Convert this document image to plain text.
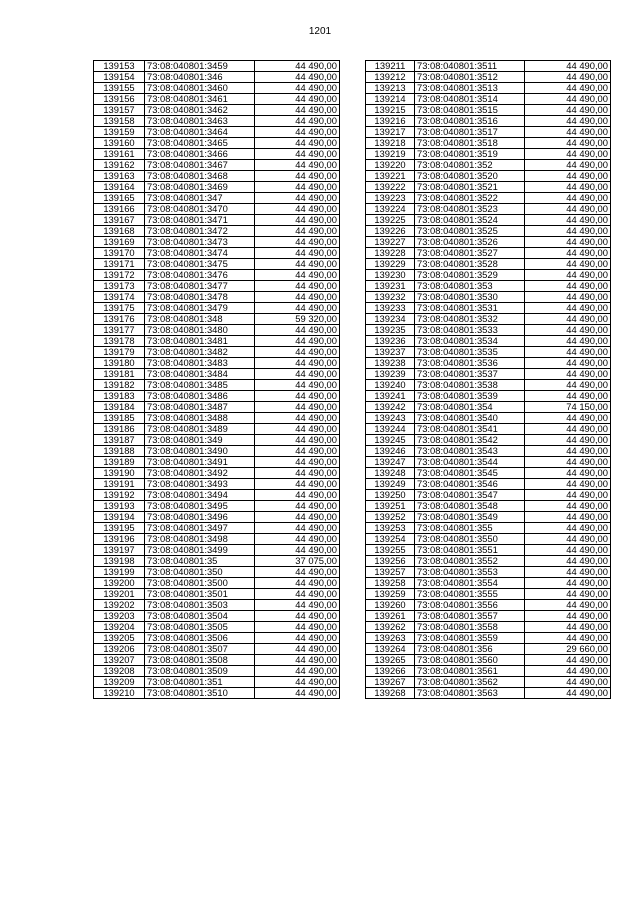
1201
139153	73:08:040801:3459	44 490,00
139154	73:08:040801:346	44 490,00
139155	73:08:040801:3460	44 490,00
139156	73:08:040801:3461	44 490,00
139157	73:08:040801:3462	44 490,00
139158	73:08:040801:3463	44 490,00
139159	73:08:040801:3464	44 490,00
139160	73:08:040801:3465	44 490,00
139161	73:08:040801:3466	44 490,00
139162	73:08:040801:3467	44 490,00
139163	73:08:040801:3468	44 490,00
139164	73:08:040801:3469	44 490,00
139165	73:08:040801:347	44 490,00
139166	73:08:040801:3470	44 490,00
139167	73:08:040801:3471	44 490,00
139168	73:08:040801:3472	44 490,00
139169	73:08:040801:3473	44 490,00
139170	73:08:040801:3474	44 490,00
139171	73:08:040801:3475	44 490,00
139172	73:08:040801:3476	44 490,00
139173	73:08:040801:3477	44 490,00
139174	73:08:040801:3478	44 490,00
139175	73:08:040801:3479	44 490,00
139176	73:08:040801:348	59 320,00
139177	73:08:040801:3480	44 490,00
139178	73:08:040801:3481	44 490,00
139179	73:08:040801:3482	44 490,00
139180	73:08:040801:3483	44 490,00
139181	73:08:040801:3484	44 490,00
139182	73:08:040801:3485	44 490,00
139183	73:08:040801:3486	44 490,00
139184	73:08:040801:3487	44 490,00
139185	73:08:040801:3488	44 490,00
139186	73:08:040801:3489	44 490,00
139187	73:08:040801:349	44 490,00
139188	73:08:040801:3490	44 490,00
139189	73:08:040801:3491	44 490,00
139190	73:08:040801:3492	44 490,00
139191	73:08:040801:3493	44 490,00
139192	73:08:040801:3494	44 490,00
139193	73:08:040801:3495	44 490,00
139194	73:08:040801:3496	44 490,00
139195	73:08:040801:3497	44 490,00
139196	73:08:040801:3498	44 490,00
139197	73:08:040801:3499	44 490,00
139198	73:08:040801:35	37 075,00
139199	73:08:040801:350	44 490,00
139200	73:08:040801:3500	44 490,00
139201	73:08:040801:3501	44 490,00
139202	73:08:040801:3503	44 490,00
139203	73:08:040801:3504	44 490,00
139204	73:08:040801:3505	44 490,00
139205	73:08:040801:3506	44 490,00
139206	73:08:040801:3507	44 490,00
139207	73:08:040801:3508	44 490,00
139208	73:08:040801:3509	44 490,00
139209	73:08:040801:351	44 490,00
139210	73:08:040801:3510	44 490,00
139211	73:08:040801:3511	44 490,00
139212	73:08:040801:3512	44 490,00
139213	73:08:040801:3513	44 490,00
139214	73:08:040801:3514	44 490,00
139215	73:08:040801:3515	44 490,00
139216	73:08:040801:3516	44 490,00
139217	73:08:040801:3517	44 490,00
139218	73:08:040801:3518	44 490,00
139219	73:08:040801:3519	44 490,00
139220	73:08:040801:352	44 490,00
139221	73:08:040801:3520	44 490,00
139222	73:08:040801:3521	44 490,00
139223	73:08:040801:3522	44 490,00
139224	73:08:040801:3523	44 490,00
139225	73:08:040801:3524	44 490,00
139226	73:08:040801:3525	44 490,00
139227	73:08:040801:3526	44 490,00
139228	73:08:040801:3527	44 490,00
139229	73:08:040801:3528	44 490,00
139230	73:08:040801:3529	44 490,00
139231	73:08:040801:353	44 490,00
139232	73:08:040801:3530	44 490,00
139233	73:08:040801:3531	44 490,00
139234	73:08:040801:3532	44 490,00
139235	73:08:040801:3533	44 490,00
139236	73:08:040801:3534	44 490,00
139237	73:08:040801:3535	44 490,00
139238	73:08:040801:3536	44 490,00
139239	73:08:040801:3537	44 490,00
139240	73:08:040801:3538	44 490,00
139241	73:08:040801:3539	44 490,00
139242	73:08:040801:354	74 150,00
139243	73:08:040801:3540	44 490,00
139244	73:08:040801:3541	44 490,00
139245	73:08:040801:3542	44 490,00
139246	73:08:040801:3543	44 490,00
139247	73:08:040801:3544	44 490,00
139248	73:08:040801:3545	44 490,00
139249	73:08:040801:3546	44 490,00
139250	73:08:040801:3547	44 490,00
139251	73:08:040801:3548	44 490,00
139252	73:08:040801:3549	44 490,00
139253	73:08:040801:355	44 490,00
139254	73:08:040801:3550	44 490,00
139255	73:08:040801:3551	44 490,00
139256	73:08:040801:3552	44 490,00
139257	73:08:040801:3553	44 490,00
139258	73:08:040801:3554	44 490,00
139259	73:08:040801:3555	44 490,00
139260	73:08:040801:3556	44 490,00
139261	73:08:040801:3557	44 490,00
139262	73:08:040801:3558	44 490,00
139263	73:08:040801:3559	44 490,00
139264	73:08:040801:356	29 660,00
139265	73:08:040801:3560	44 490,00
139266	73:08:040801:3561	44 490,00
139267	73:08:040801:3562	44 490,00
139268	73:08:040801:3563	44 490,00
